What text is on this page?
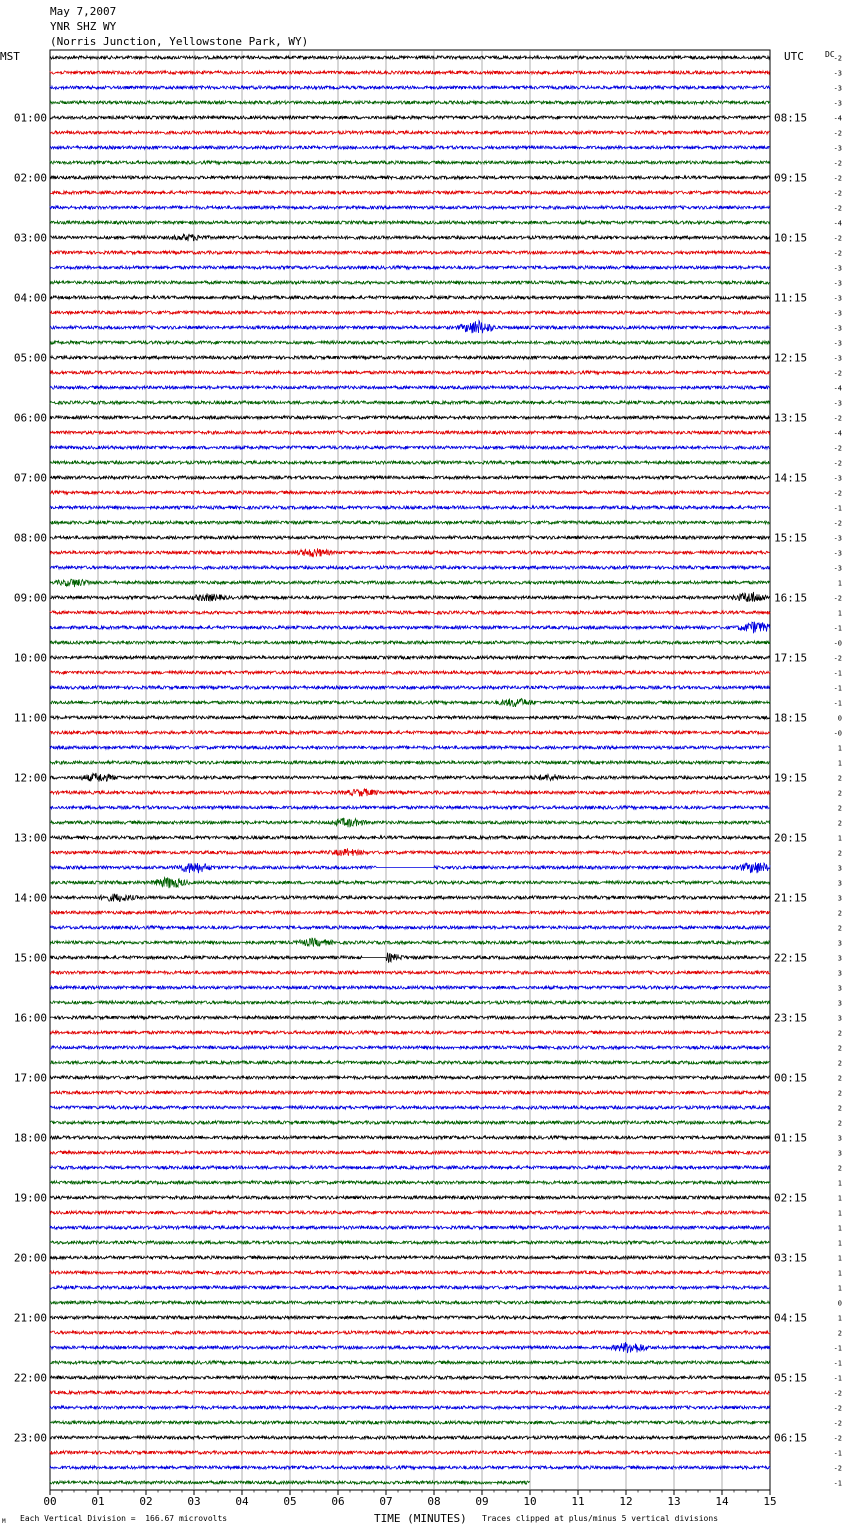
May 7,2007
YNR SHZ WY
(Norris Junction, Yellowstone Park, WY)
MST	UTC	DC
-2
-3
-3
-3
-4
-2
-3
-2
-2
-2
-2
-4
-2
-2
-3
-3
-3
-3
-3
-3
-3
-2
-4
-3
-2
-4
-2
-2
-3
-2
-1
-2
-3
-3
-3
1
-2
1
-1
-0
-2
-1
-1
-1
0
-0
1
1
2
2
2
2
1
2
3
3
3
2
2
3
3
3
3
3
3
2
2
2
2
2
2
2
3
3
2
1
1
1
1
1
1
1
1
0
1
2
-1
-1
-1
-2
-2
-2
-2
-1
-2
-1
01:00
02:00
03:00
04:00
05:00
06:00
07:00
08:00
09:00
10:00
11:00
12:00
13:00
14:00
15:00
16:00
17:00
18:00
19:00
20:00
21:00
22:00
23:00
08:15
09:15
10:15
11:15
12:15
13:15
14:15
15:15
16:15
17:15
18:15
19:15
20:15
21:15
22:15
23:15
00:15
01:15
02:15
03:15
04:15
05:15
06:15
00	01	02	03	04	05	06	07	08	09	10	11	12	13	14	15
M Each Vertical Division =  166.67 microvolts	TIME (MINUTES) Traces clipped at plus/minus 5 vertical divisions
